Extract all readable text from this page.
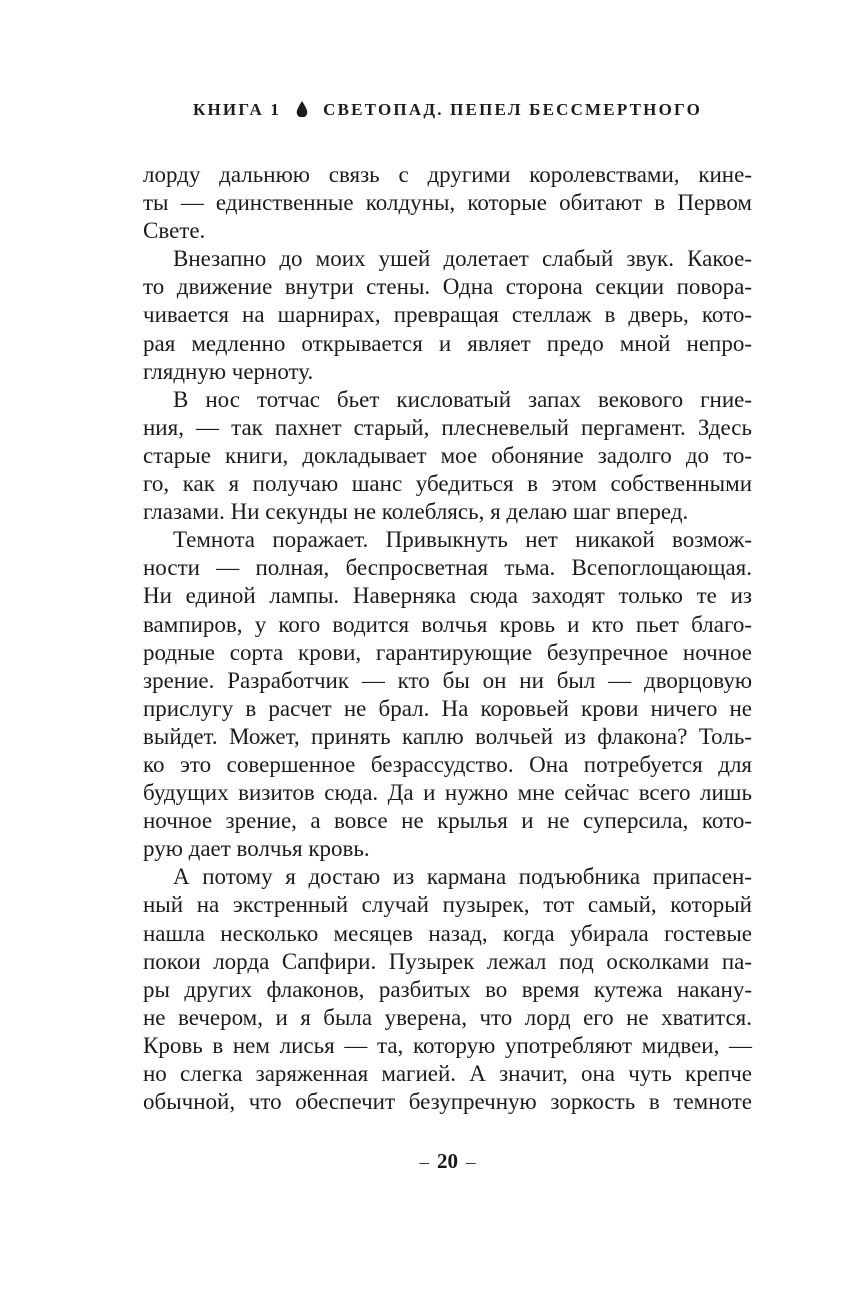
КНИГА 1 СВЕТОПАД. ПЕПЕЛ БЕССМЕРТНОГО
лорду дальнюю связь с другими королевствами, кине-
ты — единственные колдуны, которые обитают в Первом
Свете.
Внезапно до моих ушей долетает слабый звук. Какое-
то движение внутри стены. Одна сторона секции повора-
чивается на шарнирах, превращая стеллаж в дверь, кото-
рая медленно открывается и являет предо мной непро-
глядную черноту.
В нос тотчас бьет кисловатый запах векового гние-
ния, — так пахнет старый, плесневелый пергамент. Здесь
старые книги, докладывает мое обоняние задолго до то-
го, как я получаю шанс убедиться в этом собственными
глазами. Ни секунды не колеблясь, я делаю шаг вперед.
Темнота поражает. Привыкнуть нет никакой возмож-
ности — полная, беспросветная тьма. Всепоглощающая.
Ни единой лампы. Наверняка сюда заходят только те из
вампиров, у кого водится волчья кровь и кто пьет благо-
родные сорта крови, гарантирующие безупречное ночное
зрение. Разработчик — кто бы он ни был — дворцовую
прислугу в расчет не брал. На коровьей крови ничего не
выйдет. Может, принять каплю волчьей из флакона? Толь-
ко это совершенное безрассудство. Она потребуется для
будущих визитов сюда. Да и нужно мне сейчас всего лишь
ночное зрение, а вовсе не крылья и не суперсила, кото-
рую дает волчья кровь.
А потому я достаю из кармана подъюбника припасен-
ный на экстренный случай пузырек, тот самый, который
нашла несколько месяцев назад, когда убирала гостевые
покои лорда Сапфири. Пузырек лежал под осколками па-
ры других флаконов, разбитых во время кутежа накану-
не вечером, и я была уверена, что лорд его не хватится.
Кровь в нем лисья — та, которую употребляют мидвеи, —
но слегка заряженная магией. А значит, она чуть крепче
обычной, что обеспечит безупречную зоркость в темноте
– 20 –
